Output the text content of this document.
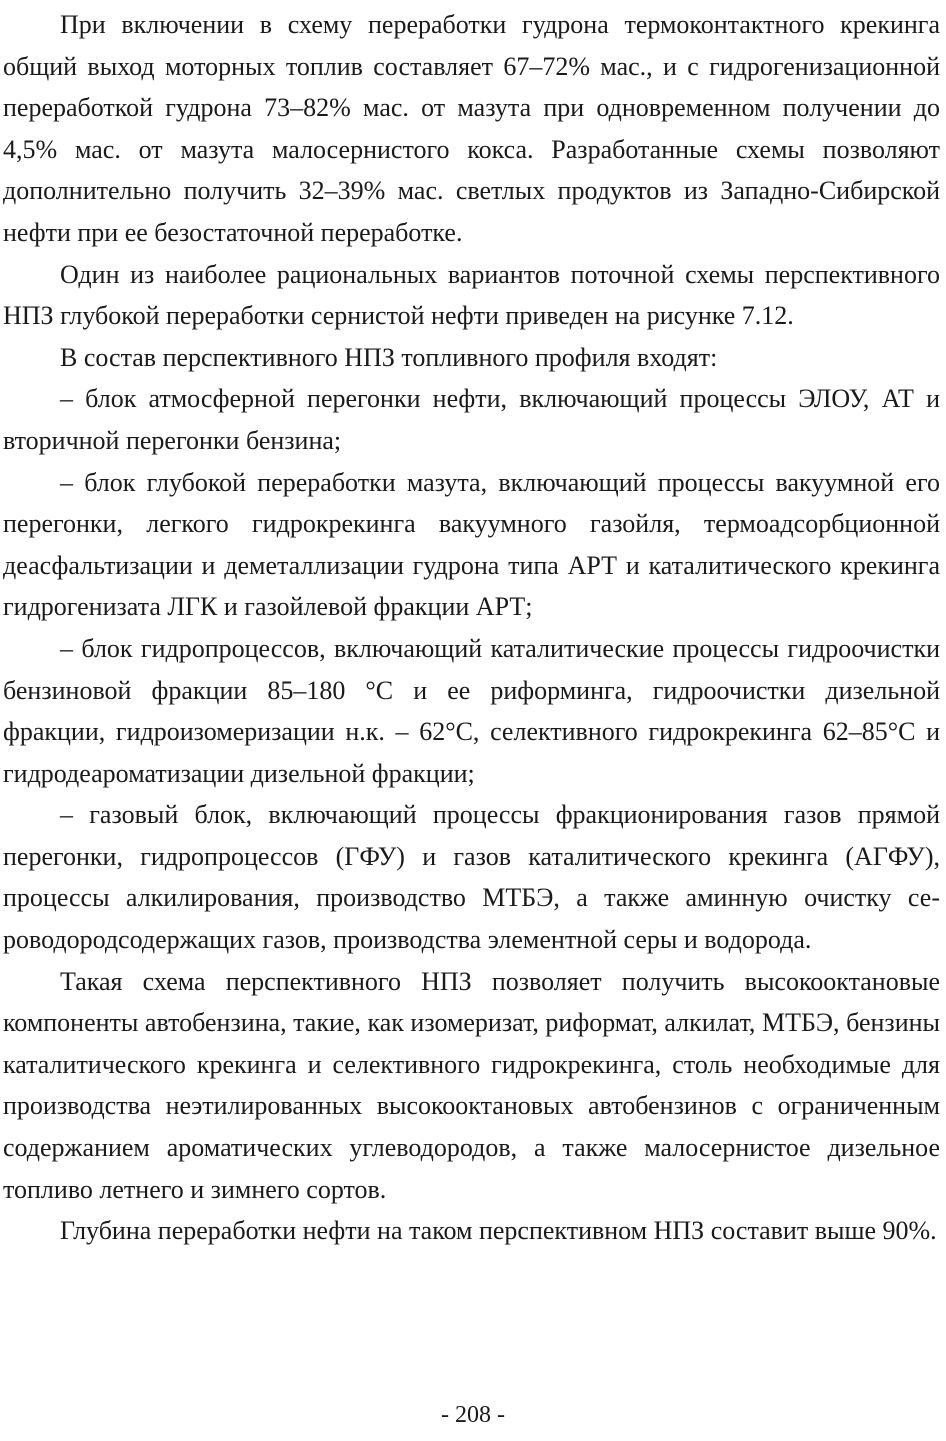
При включении в схему переработки гудрона термоконтактного крекинга общий выход моторных топлив составляет 67–72% мас., и с гидрогенизационной переработкой гудрона 73–82% мас. от мазута при одновременном получении до 4,5% мас. от мазута малосернистого кокса. Разработанные схемы позволяют дополнительно получить 32–39% мас. светлых продуктов из Западно-Сибирской нефти при ее безостаточной переработке.

Один из наиболее рациональных вариантов поточной схемы перспективного НПЗ глубокой переработки сернистой нефти приведен на рисунке 7.12.

В состав перспективного НПЗ топливного профиля входят:

– блок атмосферной перегонки нефти, включающий процессы ЭЛОУ, АТ и вторичной перегонки бензина;

– блок глубокой переработки мазута, включающий процессы вакуумной его перегонки, легкого гидрокрекинга вакуумного газойля, термоадсорбционной деасфальтизации и деметаллизации гудрона типа АРТ и каталитического крекинга гидрогенизата ЛГК и газойлевой фракции АРТ;

– блок гидропроцессов, включающий каталитические процессы гидроочистки бензиновой фракции 85–180 °С и ее риформинга, гидроочистки дизельной фракции, гидроизомеризации н.к. – 62°С, селективного гидрокрекинга 62–85°С и гидродеароматизации дизельной фракции;

– газовый блок, включающий процессы фракционирования газов прямой перегонки, гидропроцессов (ГФУ) и газов каталитического крекинга (АГФУ), процессы алкилирования, производство МТБЭ, а также аминную очистку сероводородсодержащих газов, производства элементной серы и водорода.

Такая схема перспективного НПЗ позволяет получить высокооктановые компоненты автобензина, такие, как изомеризат, риформат, алкилат, МТБЭ, бензины каталитического крекинга и селективного гидрокрекинга, столь необходимые для производства неэтилированных высокооктановых автобензинов с ограниченным содержанием ароматических углеводородов, а также малосернистое дизельное топливо летнего и зимнего сортов.

Глубина переработки нефти на таком перспективном НПЗ составит выше 90%.

- 208 -
